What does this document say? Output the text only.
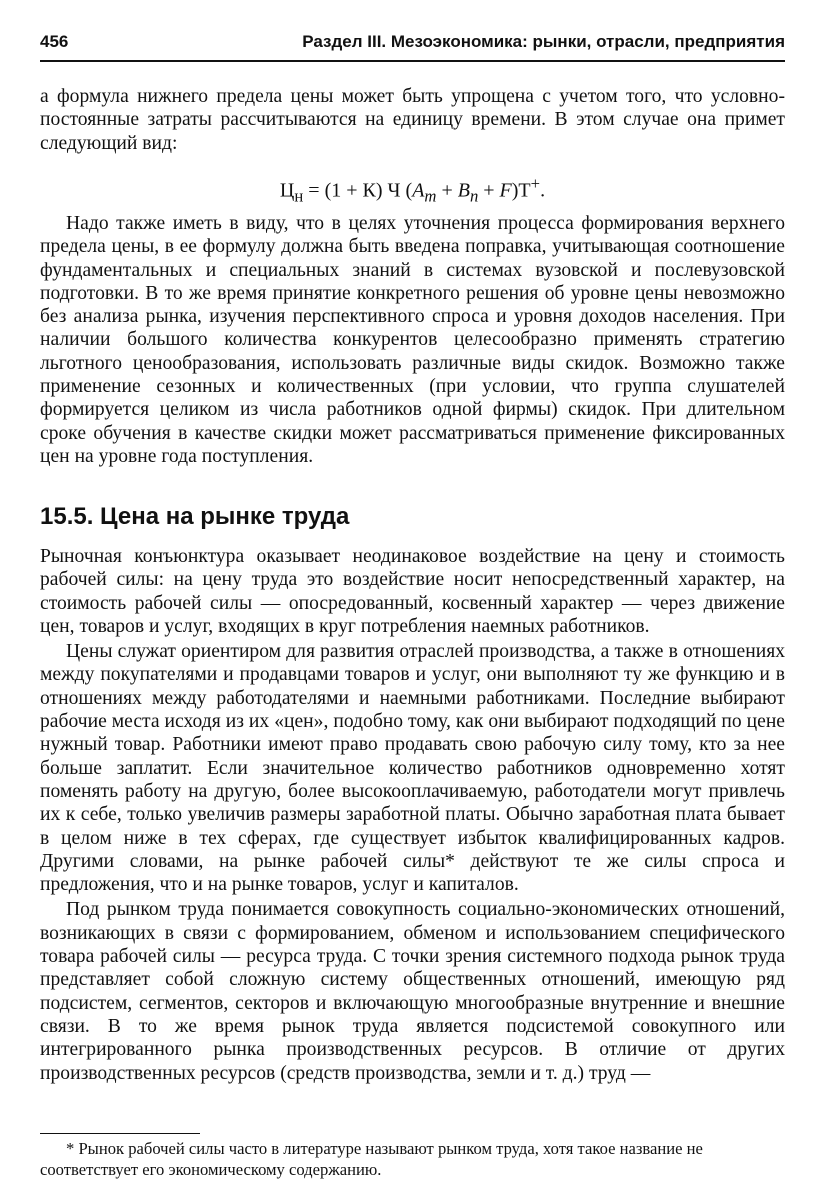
456	Раздел III. Мезоэкономика: рынки, отрасли, предприятия

а формула нижнего предела цены может быть упрощена с учетом того, что условно-постоянные затраты рассчитываются на единицу времени. В этом случае она примет следующий вид:

$Ц_н = (1 + К)$ Ч $(А_т + В_п + F)Т^+$.

Надо также иметь в виду, что в целях уточнения процесса формирования верхнего предела цены, в ее формулу должна быть введена поправка, учитывающая соотношение фундаментальных и специальных знаний в системах вузовской и послевузовской подготовки. В то же время принятие конкретного решения об уровне цены невозможно без анализа рынка, изучения перспективного спроса и уровня доходов населения. При наличии большого количества конкурентов целесообразно применять стратегию льготного ценообразования, использовать различные виды скидок. Возможно также применение сезонных и количественных (при условии, что группа слушателей формируется целиком из числа работников одной фирмы) скидок. При длительном сроке обучения в качестве скидки может рассматриваться применение фиксированных цен на уровне года поступления.

15.5. Цена на рынке труда

Рыночная конъюнктура оказывает неодинаковое воздействие на цену и стоимость рабочей силы: на цену труда это воздействие носит непосредственный характер, на стоимость рабочей силы — опосредованный, косвенный характер — через движение цен, товаров и услуг, входящих в круг потребления наемных работников.

Цены служат ориентиром для развития отраслей производства, а также в отношениях между покупателями и продавцами товаров и услуг, они выполняют ту же функцию и в отношениях между работодателями и наемными работниками. Последние выбирают рабочие места исходя из их «цен», подобно тому, как они выбирают подходящий по цене нужный товар. Работники имеют право продавать свою рабочую силу тому, кто за нее больше заплатит. Если значительное количество работников одновременно хотят поменять работу на другую, более высокооплачиваемую, работодатели могут привлечь их к себе, только увеличив размеры заработной платы. Обычно заработная плата бывает в целом ниже в тех сферах, где существует избыток квалифицированных кадров. Другими словами, на рынке рабочей силы* действуют те же силы спроса и предложения, что и на рынке товаров, услуг и капиталов.

Под рынком труда понимается совокупность социально-экономических отношений, возникающих в связи с формированием, обменом и использованием специфического товара рабочей силы — ресурса труда. С точки зрения системного подхода рынок труда представляет собой сложную систему общественных отношений, имеющую ряд подсистем, сегментов, секторов и включающую многообразные внутренние и внешние связи. В то же время рынок труда является подсистемой совокупного или интегрированного рынка производственных ресурсов. В отличие от других производственных ресурсов (средств производства, земли и т. д.) труд —

* Рынок рабочей силы часто в литературе называют рынком труда, хотя такое название не соответствует его экономическому содержанию.
